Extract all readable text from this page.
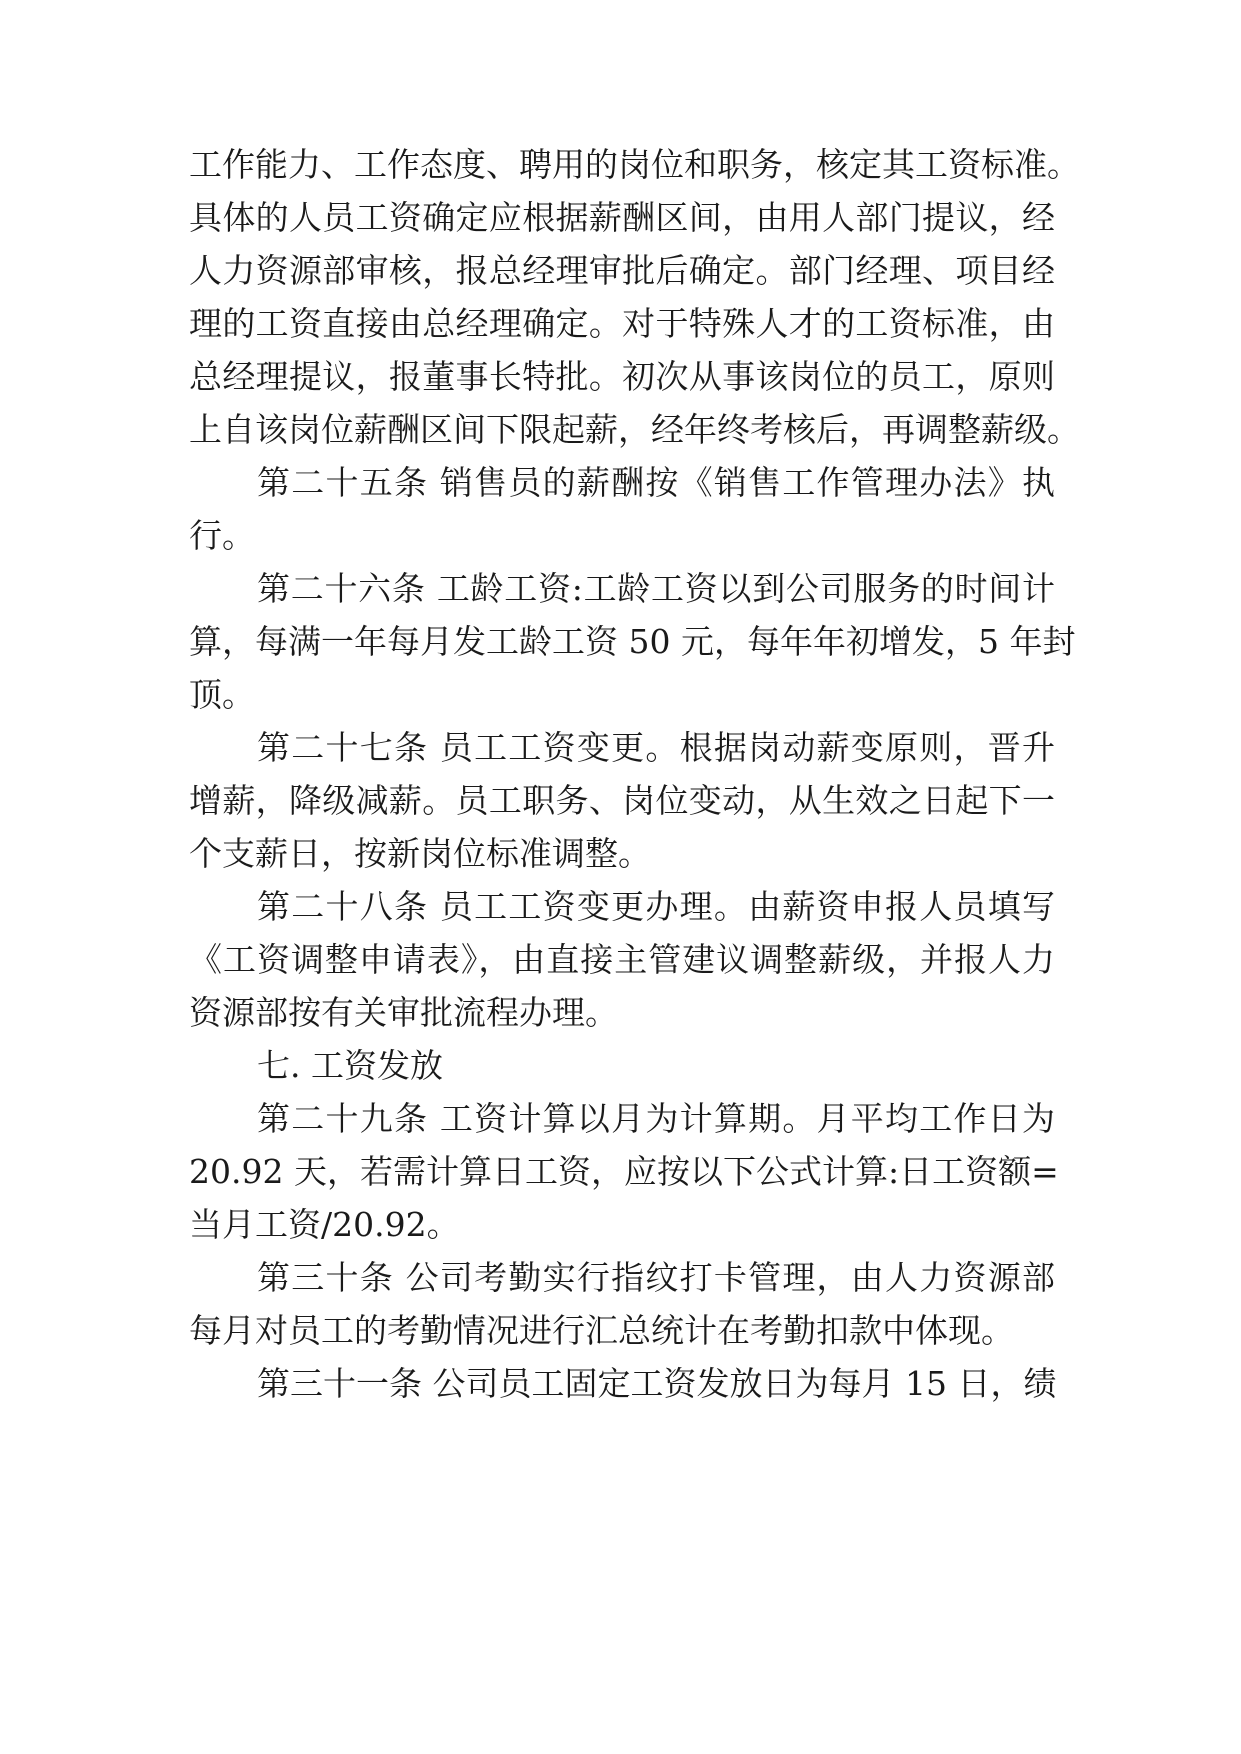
工作能力、工作态度、聘用的岗位和职务，核定其工资标准。
具体的人员工资确定应根据薪酬区间，由用人部门提议，经
人力资源部审核，报总经理审批后确定。部门经理、项目经
理的工资直接由总经理确定。对于特殊人才的工资标准，由
总经理提议，报董事长特批。初次从事该岗位的员工，原则
上自该岗位薪酬区间下限起薪，经年终考核后，再调整薪级。
第二十五条 销售员的薪酬按《销售工作管理办法》执
行。
第二十六条 工龄工资:工龄工资以到公司服务的时间计
算，每满一年每月发工龄工资 50 元，每年年初增发，5 年封
顶。
第二十七条 员工工资变更。根据岗动薪变原则，晋升
增薪，降级减薪。员工职务、岗位变动，从生效之日起下一
个支薪日，按新岗位标准调整。
第二十八条 员工工资变更办理。由薪资申报人员填写
《工资调整申请表》，由直接主管建议调整薪级，并报人力
资源部按有关审批流程办理。
七. 工资发放
第二十九条 工资计算以月为计算期。月平均工作日为
20.92 天，若需计算日工资，应按以下公式计算:日工资额=
当月工资/20.92。
第三十条 公司考勤实行指纹打卡管理，由人力资源部
每月对员工的考勤情况进行汇总统计在考勤扣款中体现。
第三十一条 公司员工固定工资发放日为每月 15 日，绩
